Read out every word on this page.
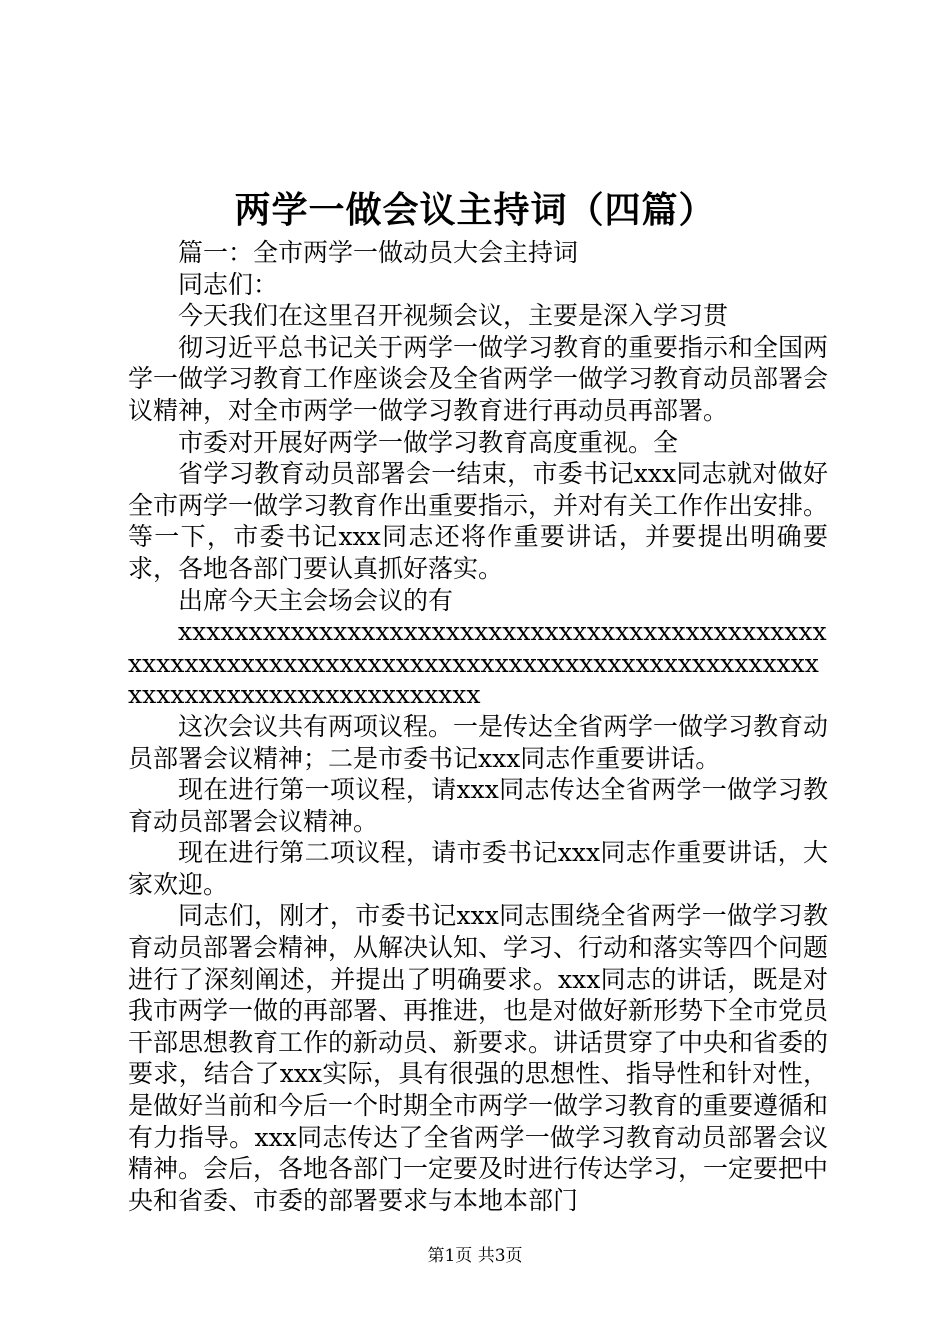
两学一做会议主持词（四篇）

篇一：全市两学一做动员大会主持词

同志们：

今天我们在这里召开视频会议，主要是深入学习贯

彻习近平总书记关于两学一做学习教育的重要指示和全国两学一做学习教育工作座谈会及全省两学一做学习教育动员部署会议精神，对全市两学一做学习教育进行再动员再部署。

市委对开展好两学一做学习教育高度重视。全

省学习教育动员部署会一结束，市委书记xxx同志就对做好全市两学一做学习教育作出重要指示，并对有关工作作出安排。等一下，市委书记xxx同志还将作重要讲话，并要提出明确要求，各地各部门要认真抓好落实。

出席今天主会场会议的有

xxxxxxxxxxxxxxxxxxxxxxxxxxxxxxxxxxxxxxxxxxxxxxxxxxxxxxxxxxxxxxxxxxxxxxxxxxxxxxxxxxxxxxxxxxxxxxxxxxxxxxxxxxxxxxxxxxxxxxxx

这次会议共有两项议程。一是传达全省两学一做学习教育动员部署会议精神；二是市委书记xxx同志作重要讲话。

现在进行第一项议程，请xxx同志传达全省两学一做学习教育动员部署会议精神。

现在进行第二项议程，请市委书记xxx同志作重要讲话，大家欢迎。

同志们，刚才，市委书记xxx同志围绕全省两学一做学习教育动员部署会精神，从解决认知、学习、行动和落实等四个问题进行了深刻阐述，并提出了明确要求。xxx同志的讲话，既是对我市两学一做的再部署、再推进，也是对做好新形势下全市党员干部思想教育工作的新动员、新要求。讲话贯穿了中央和省委的要求，结合了xxx实际，具有很强的思想性、指导性和针对性，是做好当前和今后一个时期全市两学一做学习教育的重要遵循和有力指导。xxx同志传达了全省两学一做学习教育动员部署会议精神。会后，各地各部门一定要及时进行传达学习，一定要把中央和省委、市委的部署要求与本地本部门

第1页 共3页
